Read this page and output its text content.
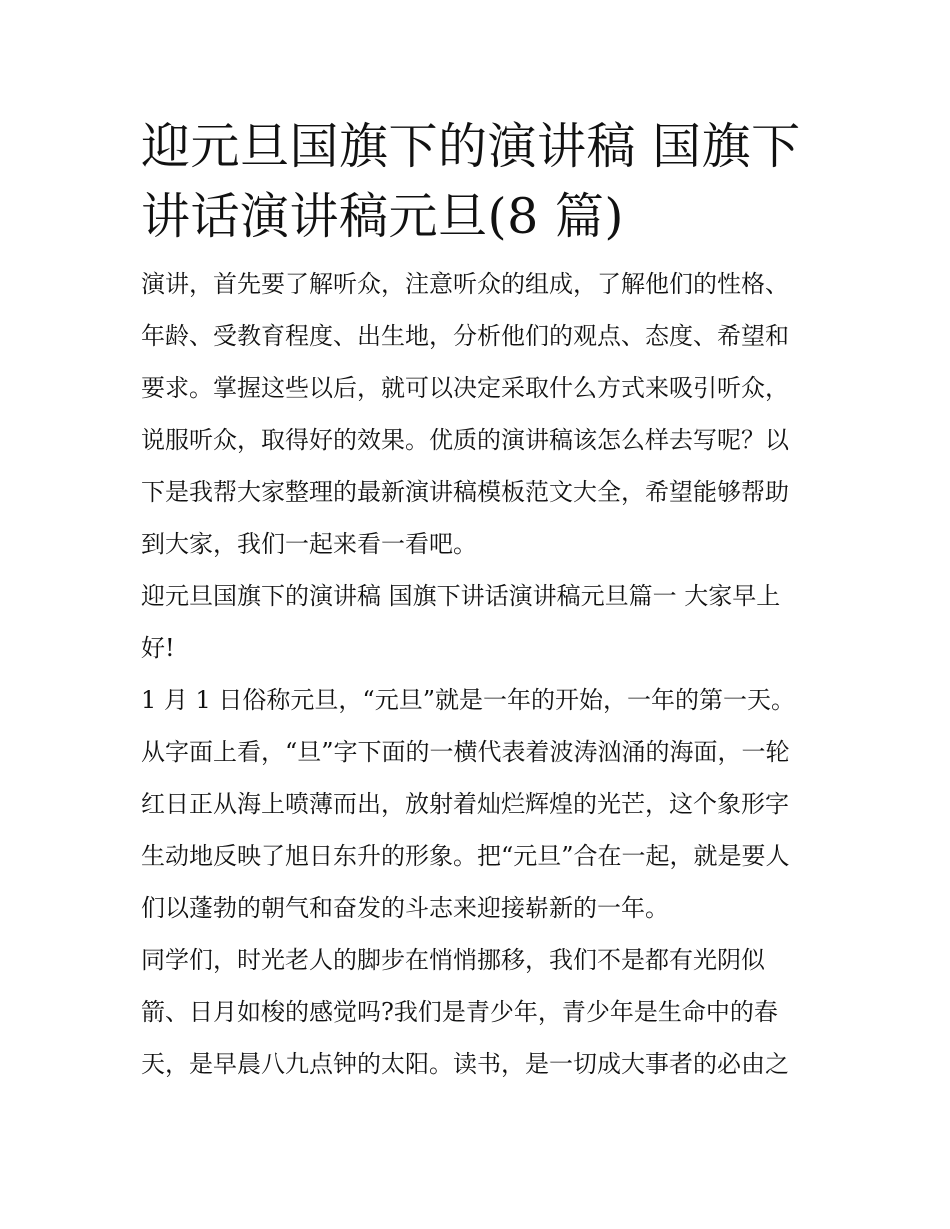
迎元旦国旗下的演讲稿 国旗下
讲话演讲稿元旦(8 篇)

演讲，首先要了解听众，注意听众的组成，了解他们的性格、
年龄、受教育程度、出生地，分析他们的观点、态度、希望和
要求。掌握这些以后，就可以决定采取什么方式来吸引听众，
说服听众，取得好的效果。优质的演讲稿该怎么样去写呢？以
下是我帮大家整理的最新演讲稿模板范文大全，希望能够帮助
到大家，我们一起来看一看吧。

迎元旦国旗下的演讲稿 国旗下讲话演讲稿元旦篇一 大家早上
好!

1 月 1 日俗称元旦，“元旦”就是一年的开始，一年的第一天。
从字面上看，“旦”字下面的一横代表着波涛汹涌的海面，一轮
红日正从海上喷薄而出，放射着灿烂辉煌的光芒，这个象形字
生动地反映了旭日东升的形象。把“元旦”合在一起，就是要人
们以蓬勃的朝气和奋发的斗志来迎接崭新的一年。

同学们，时光老人的脚步在悄悄挪移，我们不是都有光阴似
箭、日月如梭的感觉吗?我们是青少年，青少年是生命中的春
天，是早晨八九点钟的太阳。读书，是一切成大事者的必由之
